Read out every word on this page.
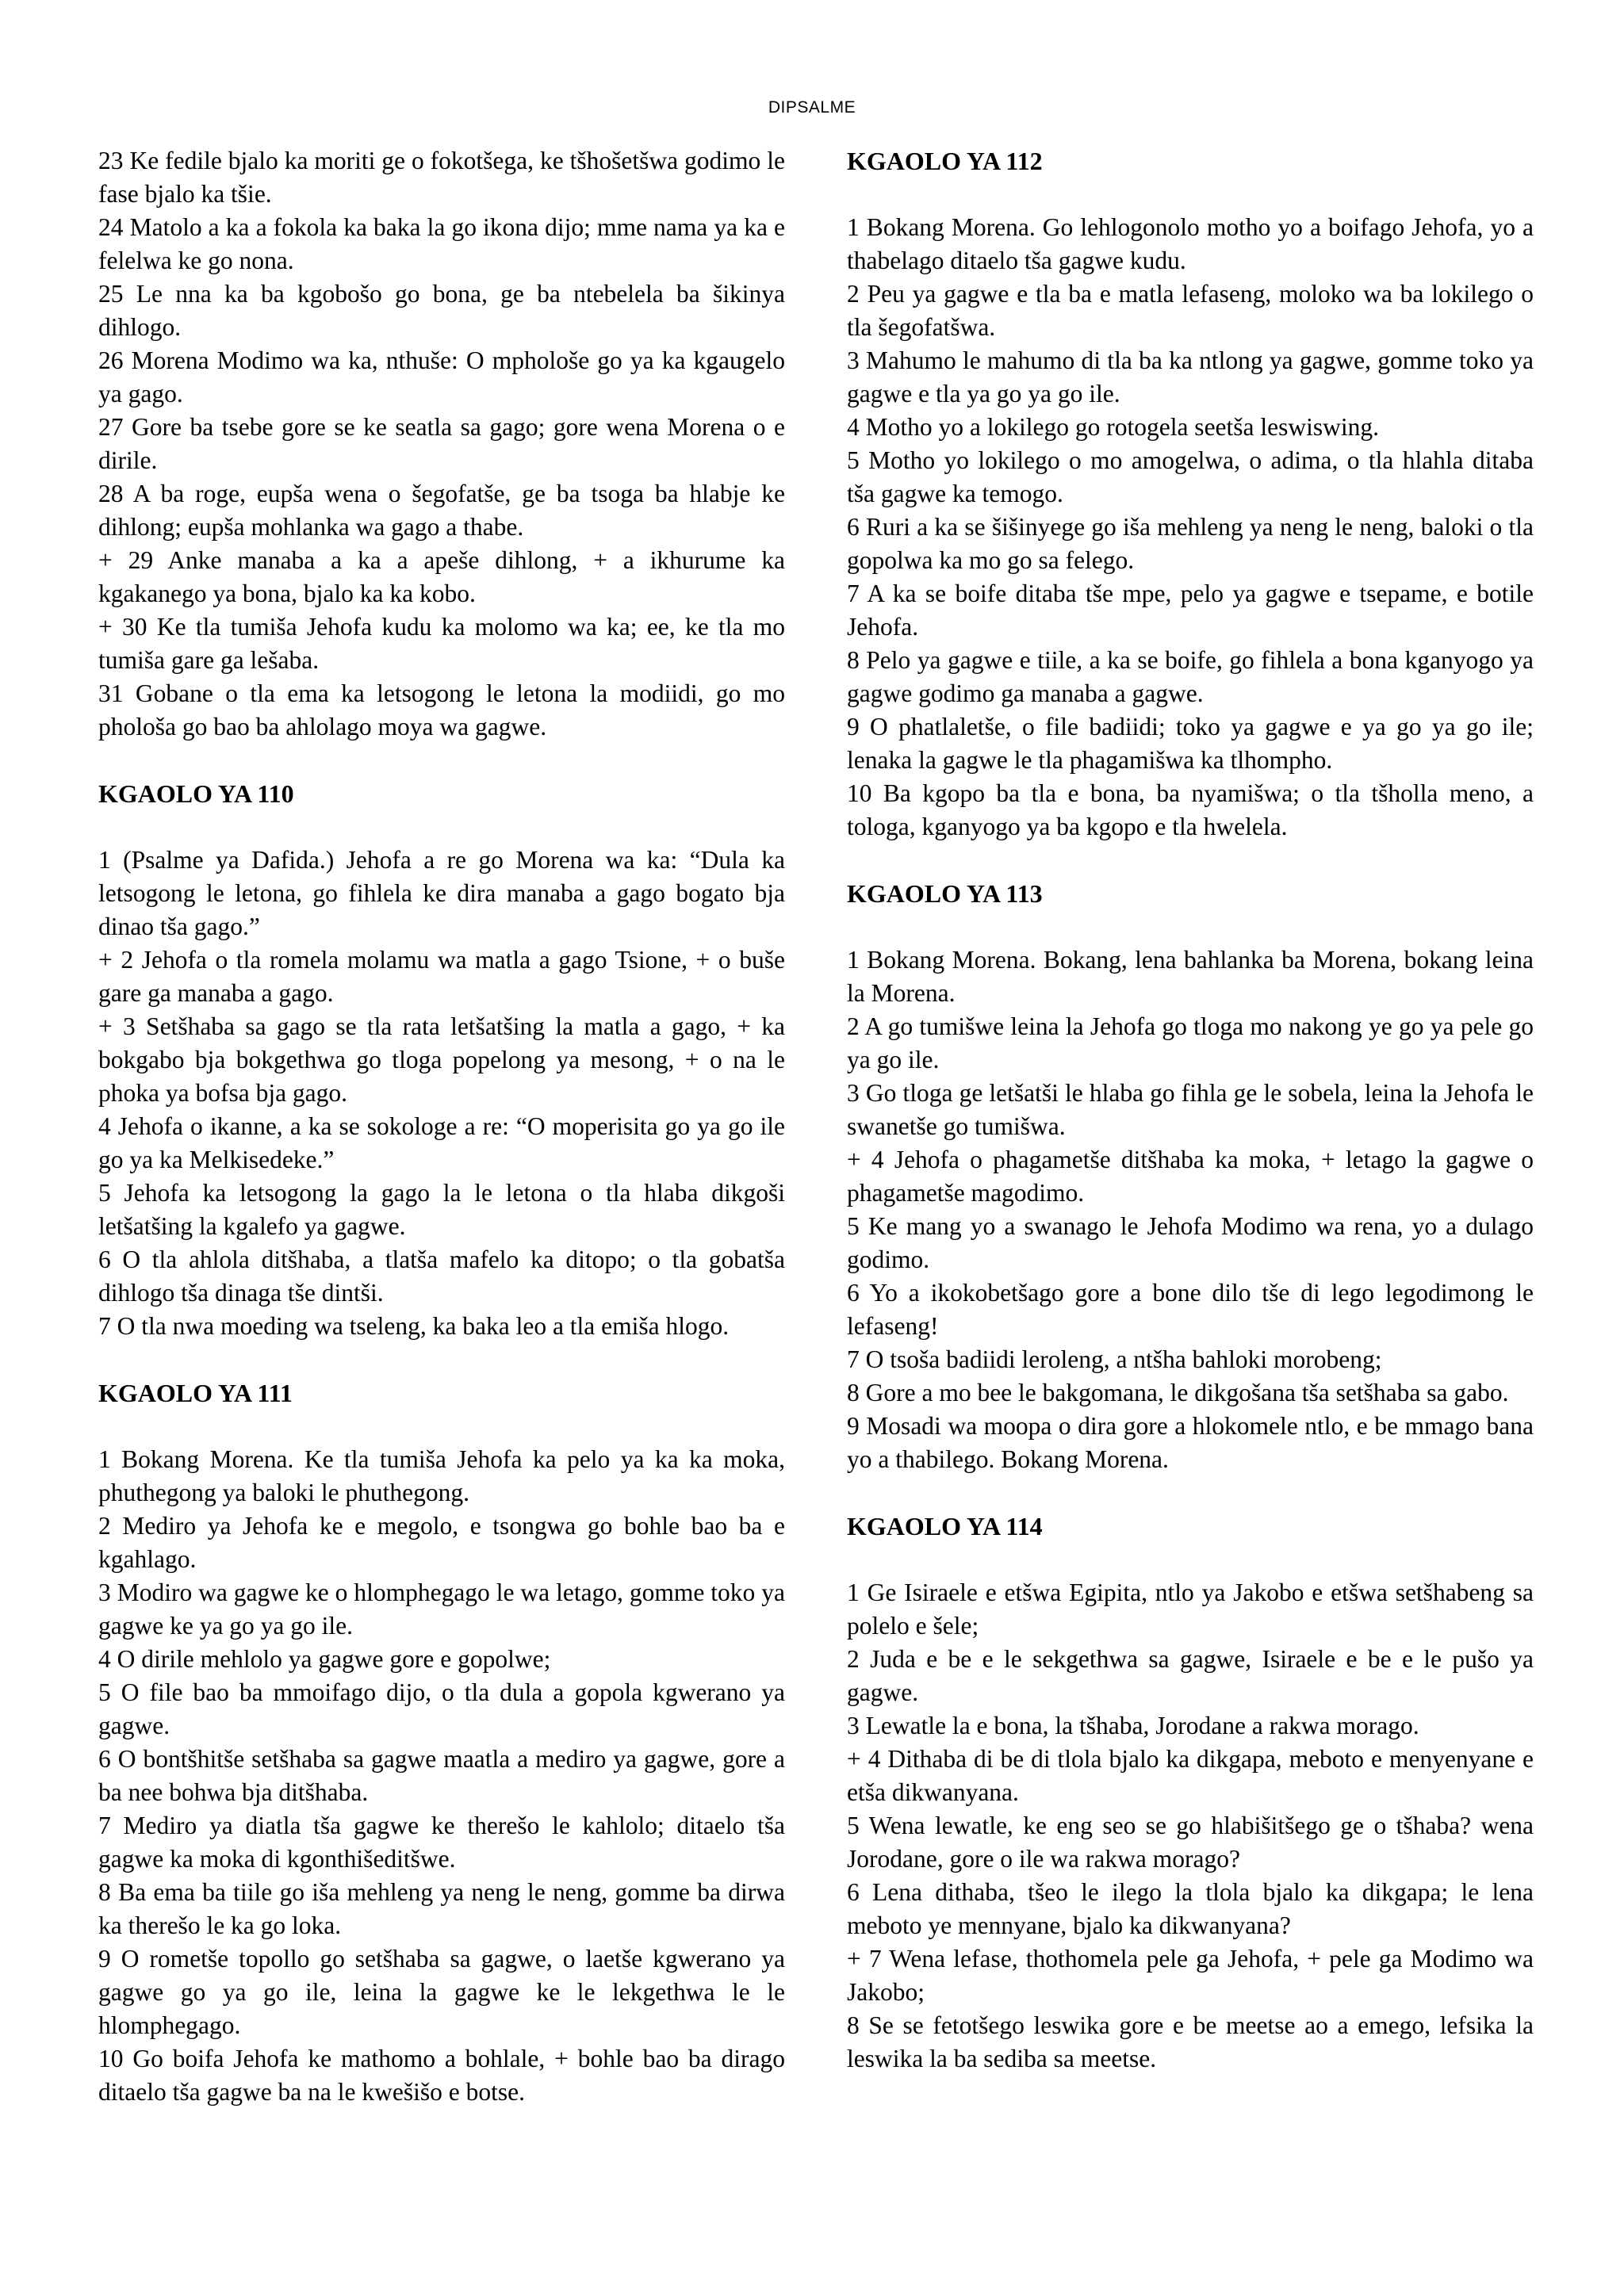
DIPSALME

23 Ke fedile bjalo ka moriti ge o fokotšega, ke tšhošetšwa godimo le fase bjalo ka tšie.

24 Matolo a ka a fokola ka baka la go ikona dijo; mme nama ya ka e felelwa ke go nona.

25 Le nna ka ba kgobošo go bona, ge ba ntebelela ba šikinya dihlogo.

26 Morena Modimo wa ka, nthuše: O mphološe go ya ka kgaugelo ya gago.

27 Gore ba tsebe gore se ke seatla sa gago; gore wena Morena o e dirile.

28 A ba roge, eupša wena o šegofatše, ge ba tsoga ba hlabje ke dihlong; eupša mohlanka wa gago a thabe.

+ 29 Anke manaba a ka a apeše dihlong, + a ikhurume ka kgakanego ya bona, bjalo ka ka kobo.

+ 30 Ke tla tumiša Jehofa kudu ka molomo wa ka; ee, ke tla mo tumiša gare ga lešaba.

31 Gobane o tla ema ka letsogong le letona la modiidi, go mo phološa go bao ba ahlolago moya wa gagwe.

KGAOLO YA 110

1 (Psalme ya Dafida.) Jehofa a re go Morena wa ka: “Dula ka letsogong le letona, go fihlela ke dira manaba a gago bogato bja dinao tša gago.”

+ 2 Jehofa o tla romela molamu wa matla a gago Tsione, + o buše gare ga manaba a gago.

+ 3 Setšhaba sa gago se tla rata letšatšing la matla a gago, + ka bokgabo bja bokgethwa go tloga popelong ya mesong, + o na le phoka ya bofsa bja gago.

4 Jehofa o ikanne, a ka se sokologe a re: “O moperisita go ya go ile go ya ka Melkisedeke.”

5 Jehofa ka letsogong la gago la le letona o tla hlaba dikgoši letšatšing la kgalefo ya gagwe.

6 O tla ahlola ditšhaba, a tlatša mafelo ka ditopo; o tla gobatša dihlogo tša dinaga tše dintši.

7 O tla nwa moeding wa tseleng, ka baka leo a tla emiša hlogo.

KGAOLO YA 111

1 Bokang Morena. Ke tla tumiša Jehofa ka pelo ya ka ka moka, phuthegong ya baloki le phuthegong.

2 Mediro ya Jehofa ke e megolo, e tsongwa go bohle bao ba e kgahlago.

3 Modiro wa gagwe ke o hlomphegago le wa letago, gomme toko ya gagwe ke ya go ya go ile.

4 O dirile mehlolo ya gagwe gore e gopolwe;

5 O file bao ba mmoifago dijo, o tla dula a gopola kgwerano ya gagwe.

6 O bontšhitše setšhaba sa gagwe maatla a mediro ya gagwe, gore a ba nee bohwa bja ditšhaba.

7 Mediro ya diatla tša gagwe ke therešo le kahlolo; ditaelo tša gagwe ka moka di kgonthišeditšwe.

8 Ba ema ba tiile go iša mehleng ya neng le neng, gomme ba dirwa ka therešo le ka go loka.

9 O rometše topollo go setšhaba sa gagwe, o laetše kgwerano ya gagwe go ya go ile, leina la gagwe ke le lekgethwa le le hlomphegago.

10 Go boifa Jehofa ke mathomo a bohlale, + bohle bao ba dirago ditaelo tša gagwe ba na le kwešišo e botse.

KGAOLO YA 112

1 Bokang Morena. Go lehlogonolo motho yo a boifago Jehofa, yo a thabelago ditaelo tša gagwe kudu.

2 Peu ya gagwe e tla ba e matla lefaseng, moloko wa ba lokilego o tla šegofatšwa.

3 Mahumo le mahumo di tla ba ka ntlong ya gagwe, gomme toko ya gagwe e tla ya go ya go ile.

4 Motho yo a lokilego go rotogela seetša leswiswing.

5 Motho yo lokilego o mo amogelwa, o adima, o tla hlahla ditaba tša gagwe ka temogo.

6 Ruri a ka se šišinyege go iša mehleng ya neng le neng, baloki o tla gopolwa ka mo go sa felego.

7 A ka se boife ditaba tše mpe, pelo ya gagwe e tsepame, e botile Jehofa.

8 Pelo ya gagwe e tiile, a ka se boife, go fihlela a bona kganyogo ya gagwe godimo ga manaba a gagwe.

9 O phatlaletše, o file badiidi; toko ya gagwe e ya go ya go ile; lenaka la gagwe le tla phagamišwa ka tlhompho.

10 Ba kgopo ba tla e bona, ba nyamišwa; o tla tšholla meno, a tologa, kganyogo ya ba kgopo e tla hwelela.

KGAOLO YA 113

1 Bokang Morena. Bokang, lena bahlanka ba Morena, bokang leina la Morena.

2 A go tumišwe leina la Jehofa go tloga mo nakong ye go ya pele go ya go ile.

3 Go tloga ge letšatši le hlaba go fihla ge le sobela, leina la Jehofa le swanetše go tumišwa.

+ 4 Jehofa o phagametše ditšhaba ka moka, + letago la gagwe o phagametše magodimo.

5 Ke mang yo a swanago le Jehofa Modimo wa rena, yo a dulago godimo.

6 Yo a ikokobetšago gore a bone dilo tše di lego legodimong le lefaseng!

7 O tsoša badiidi leroleng, a ntšha bahloki morobeng;

8 Gore a mo bee le bakgomana, le dikgošana tša setšhaba sa gabo.

9 Mosadi wa moopa o dira gore a hlokomele ntlo, e be mmago bana yo a thabilego. Bokang Morena.

KGAOLO YA 114

1 Ge Isiraele e etšwa Egipita, ntlo ya Jakobo e etšwa setšhabeng sa polelo e šele;

2 Juda e be e le sekgethwa sa gagwe, Isiraele e be e le pušo ya gagwe.

3 Lewatle la e bona, la tšhaba, Jorodane a rakwa morago.

+ 4 Dithaba di be di tlola bjalo ka dikgapa, meboto e menyenyane e etša dikwanyana.

5 Wena lewatle, ke eng seo se go hlabišitšego ge o tšhaba? wena Jorodane, gore o ile wa rakwa morago?

6 Lena dithaba, tšeo le ilego la tlola bjalo ka dikgapa; le lena meboto ye mennyane, bjalo ka dikwanyana?

+ 7 Wena lefase, thothomela pele ga Jehofa, + pele ga Modimo wa Jakobo;

8 Se se fetotšego leswika gore e be meetse ao a emego, lefsika la leswika la ba sediba sa meetse.
